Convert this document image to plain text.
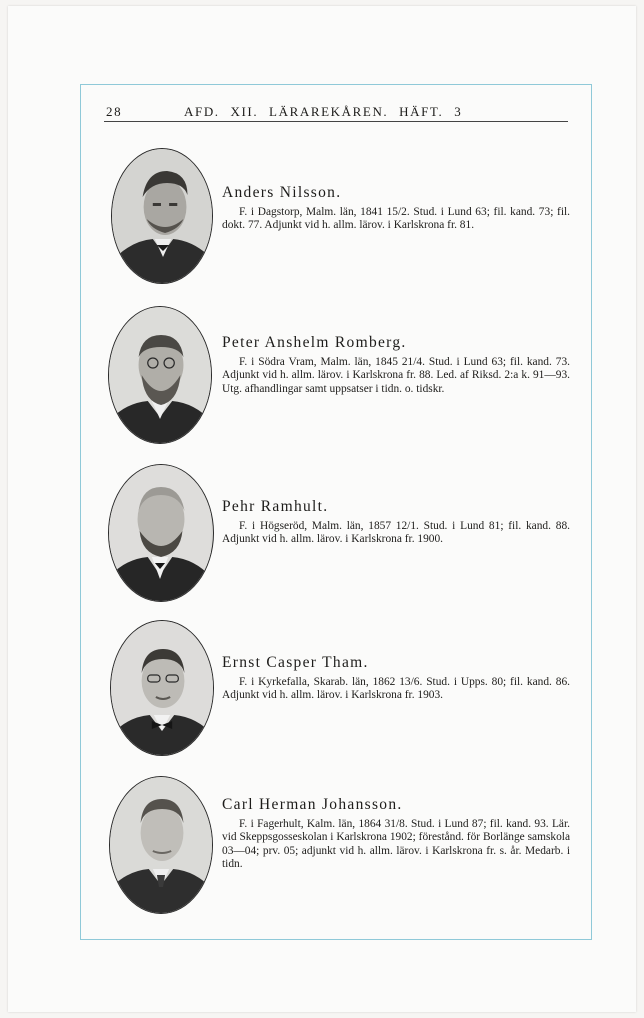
28	AFD. XII. LÄRAREKÅREN. HÄFT. 3
Anders Nilsson.

F. i Dagstorp, Malm. län, 1841 15/2. Stud. i Lund 63; fil. kand. 73; fil. dokt. 77. Adjunkt vid h. allm. lärov. i Karlskrona fr. 81.

Peter Anshelm Romberg.

F. i Södra Vram, Malm. län, 1845 21/4. Stud. i Lund 63; fil. kand. 73. Adjunkt vid h. allm. lärov. i Karlskrona fr. 88. Led. af Riksd. 2:a k. 91—93. Utg. afhandlingar samt uppsatser i tidn. o. tidskr.

Pehr Ramhult.

F. i Högseröd, Malm. län, 1857 12/1. Stud. i Lund 81; fil. kand. 88. Adjunkt vid h. allm. lärov. i Karlskrona fr. 1900.

Ernst Casper Tham.

F. i Kyrkefalla, Skarab. län, 1862 13/6. Stud. i Upps. 80; fil. kand. 86. Adjunkt vid h. allm. lärov. i Karlskrona fr. 1903.

Carl Herman Johansson.

F. i Fagerhult, Kalm. län, 1864 31/8. Stud. i Lund 87; fil. kand. 93. Lär. vid Skeppsgosseskolan i Karlskrona 1902; förestånd. för Borlänge samskola 03—04; prv. 05; adjunkt vid h. allm. lärov. i Karlskrona fr. s. år. Medarb. i tidn.
